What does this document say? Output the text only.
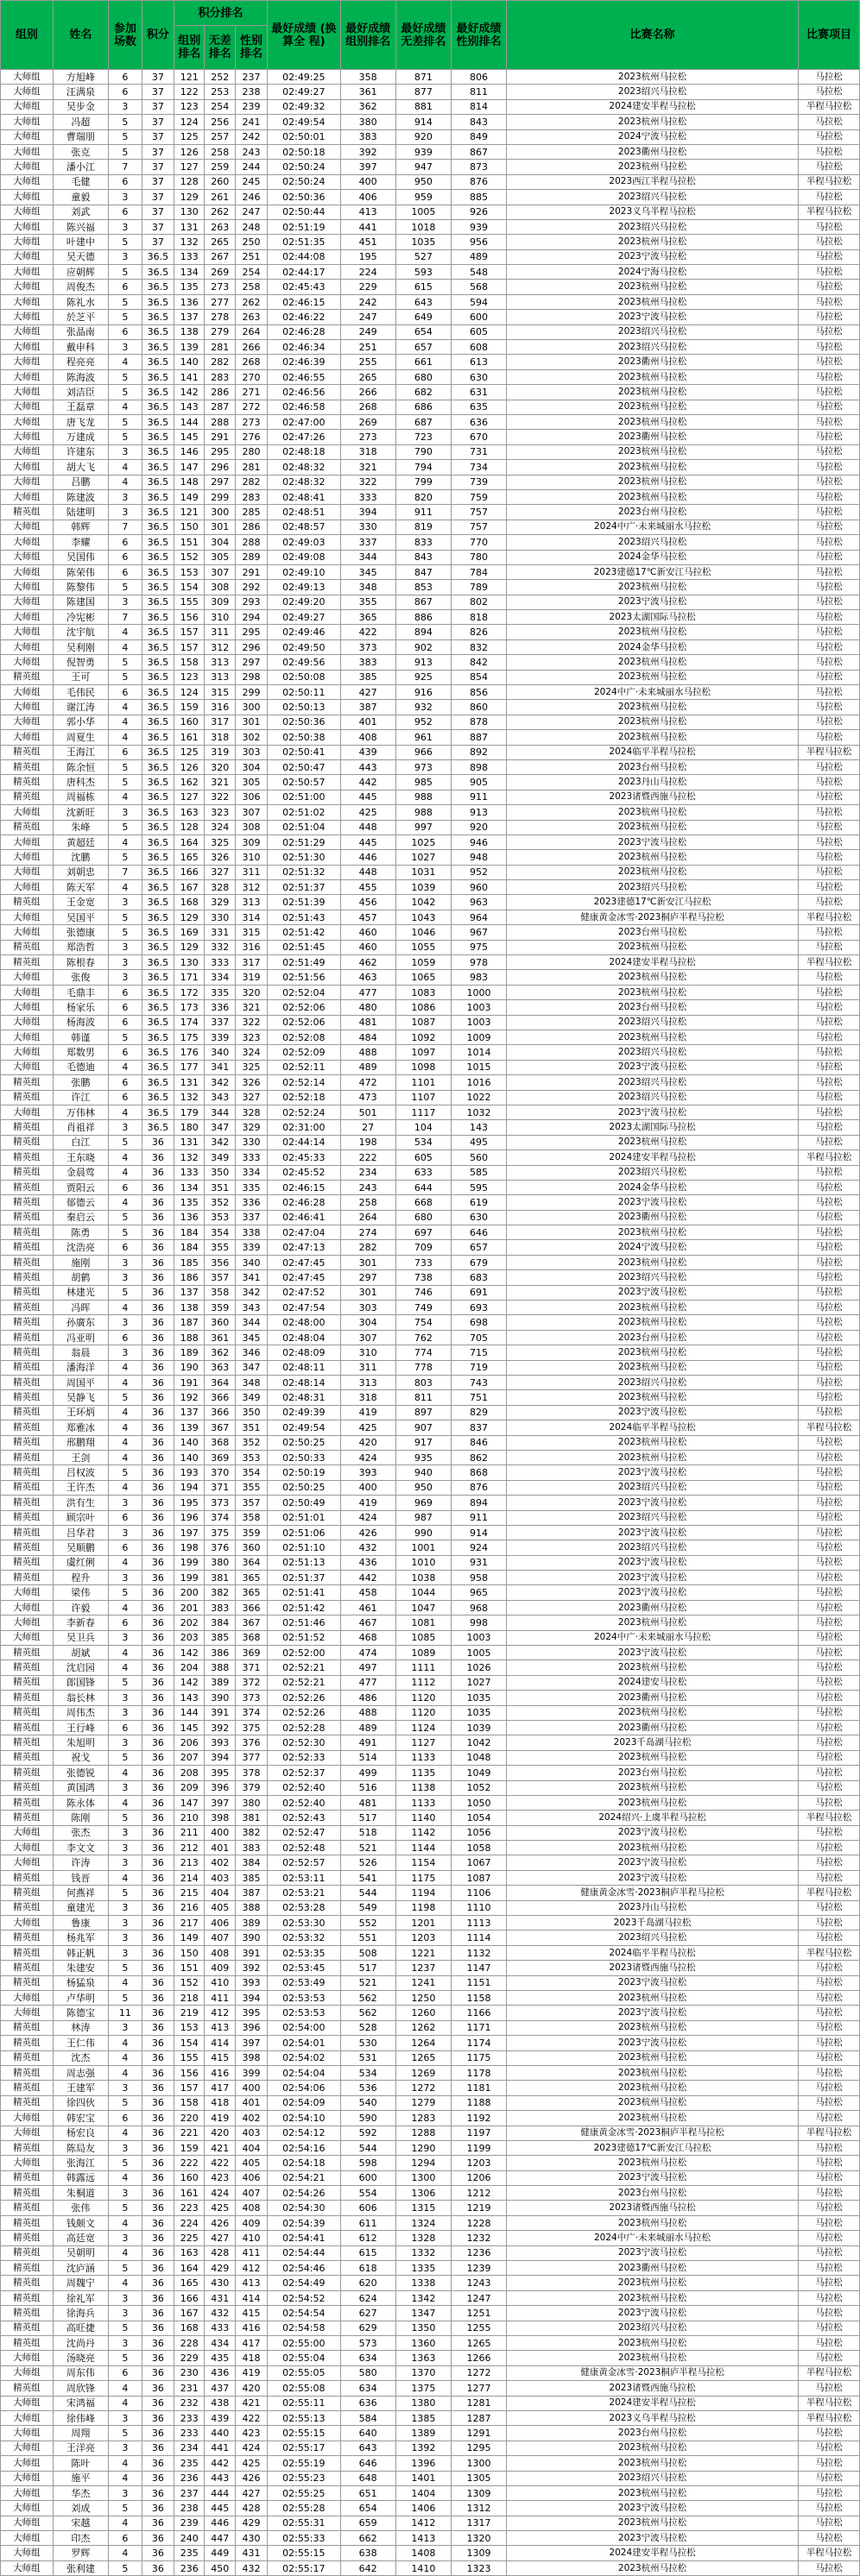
组别	姓名	参加 场数	积分	积分排名			最好成绩 (换算全 程)	最好成绩 组别排名	最好成绩 无差排名	最好成绩 性别排名	比赛名称	比赛项目
				组别 排名	无差 排名	性别 排名						
大师组	方旭峰	6	37	121	252	237	02:49:25	358	871	806	2023杭州马拉松	马拉松
大师组	汪满泉	6	37	122	253	238	02:49:27	361	877	811	2023绍兴马拉松	马拉松
大师组	吴步金	3	37	123	254	239	02:49:32	362	881	814	2024建安半程马拉松	半程马拉松
大师组	冯超	5	37	124	256	241	02:49:54	380	914	843	2023杭州马拉松	马拉松
大师组	曹瑞朋	5	37	125	257	242	02:50:01	383	920	849	2024宁波马拉松	马拉松
大师组	张克	5	37	126	258	243	02:50:18	392	939	867	2023衢州马拉松	马拉松
大师组	潘小江	7	37	127	259	244	02:50:24	397	947	873	2023杭州马拉松	马拉松
大师组	毛健	6	37	128	260	245	02:50:24	400	950	876	2023西江半程马拉松	半程马拉松
大师组	童毅	3	37	129	261	246	02:50:36	406	959	885	2023绍兴马拉松	马拉松
大师组	刘武	6	37	130	262	247	02:50:44	413	1005	926	2023义乌半程马拉松	半程马拉松
大师组	陈兴福	3	37	131	263	248	02:51:19	441	1018	939	2023绍兴马拉松	马拉松
大师组	叶建中	5	37	132	265	250	02:51:35	451	1035	956	2023杭州马拉松	马拉松
大师组	吴天德	3	36.5	133	267	251	02:44:08	195	527	489	2023宁波马拉松	马拉松
大师组	应朝辉	5	36.5	134	269	254	02:44:17	224	593	548	2024宁海马拉松	马拉松
大师组	周俊杰	6	36.5	135	273	258	02:45:43	229	615	568	2023杭州马拉松	马拉松
大师组	陈礼水	5	36.5	136	277	262	02:46:15	242	643	594	2023杭州马拉松	马拉松
大师组	於芝平	5	36.5	137	278	263	02:46:22	247	649	600	2023宁波马拉松	马拉松
大师组	张晶南	6	36.5	138	279	264	02:46:28	249	654	605	2023绍兴马拉松	马拉松
大师组	戴申科	3	36.5	139	281	266	02:46:34	251	657	608	2023绍兴马拉松	马拉松
大师组	程亮亮	4	36.5	140	282	268	02:46:39	255	661	613	2023衢州马拉松	马拉松
大师组	陈海波	5	36.5	141	283	270	02:46:55	265	680	630	2023杭州马拉松	马拉松
大师组	刘洁臣	5	36.5	142	286	271	02:46:56	266	682	631	2023杭州马拉松	马拉松
大师组	王磊章	4	36.5	143	287	272	02:46:58	268	686	635	2023杭州马拉松	马拉松
大师组	唐飞龙	5	36.5	144	288	273	02:47:00	269	687	636	2023杭州马拉松	马拉松
大师组	万建成	5	36.5	145	291	276	02:47:26	273	723	670	2023衢州马拉松	马拉松
大师组	许建东	3	36.5	146	295	280	02:48:18	318	790	731	2023杭州马拉松	马拉松
大师组	胡大飞	4	36.5	147	296	281	02:48:32	321	794	734	2023杭州马拉松	马拉松
大师组	吕鹏	4	36.5	148	297	282	02:48:32	322	799	739	2023杭州马拉松	马拉松
大师组	陈建波	3	36.5	149	299	283	02:48:41	333	820	759	2023杭州马拉松	马拉松
精英组	陆建明	3	36.5	121	300	285	02:48:51	394	911	757	2023台州马拉松	马拉松
大师组	韩辉	7	36.5	150	301	286	02:48:57	330	819	757	2024中广·未来城丽水马拉松	马拉松
大师组	李耀	6	36.5	151	304	288	02:49:03	337	833	770	2023绍兴马拉松	马拉松
大师组	吴国伟	6	36.5	152	305	289	02:49:08	344	843	780	2024金华马拉松	马拉松
大师组	陈荣伟	6	36.5	153	307	291	02:49:10	345	847	784	2023建德17℃新安江马拉松	马拉松
大师组	陈黎伟	5	36.5	154	308	292	02:49:13	348	853	789	2023杭州马拉松	马拉松
大师组	陈建国	3	36.5	155	309	293	02:49:20	355	867	802	2023宁波马拉松	马拉松
大师组	冷宪彬	7	36.5	156	310	294	02:49:27	365	886	818	2023太湖国际马拉松	马拉松
大师组	沈宇航	4	36.5	157	311	295	02:49:46	422	894	826	2023杭州马拉松	马拉松
大师组	吴利刚	4	36.5	157	312	296	02:49:50	373	902	832	2024金华马拉松	马拉松
大师组	倪智勇	5	36.5	158	313	297	02:49:56	383	913	842	2023杭州马拉松	马拉松
精英组	王可	5	36.5	123	313	298	02:50:08	385	925	854	2023杭州马拉松	马拉松
大师组	毛伟民	6	36.5	124	315	299	02:50:11	427	916	856	2024中广·未来城丽水马拉松	马拉松
大师组	谢江涛	4	36.5	159	316	300	02:50:13	387	932	860	2023杭州马拉松	马拉松
大师组	郭小华	4	36.5	160	317	301	02:50:36	401	952	878	2023杭州马拉松	马拉松
大师组	周夏生	4	36.5	161	318	302	02:50:38	408	961	887	2023杭州马拉松	马拉松
精英组	王海江	6	36.5	125	319	303	02:50:41	439	966	892	2024临平半程马拉松	半程马拉松
精英组	陈余恒	5	36.5	126	320	304	02:50:47	443	973	898	2023台州马拉松	马拉松
精英组	唐科杰	5	36.5	162	321	305	02:50:57	442	985	905	2023丹山马拉松	马拉松
精英组	周福栋	4	36.5	127	322	306	02:51:00	445	988	911	2023诸暨西施马拉松	马拉松
大师组	沈新旺	3	36.5	163	323	307	02:51:02	425	988	913	2023杭州马拉松	马拉松
精英组	朱峰	5	36.5	128	324	308	02:51:04	448	997	920	2023杭州马拉松	马拉松
大师组	黄超廷	4	36.5	164	325	309	02:51:29	445	1025	946	2023宁波马拉松	马拉松
大师组	沈鹏	5	36.5	165	326	310	02:51:30	446	1027	948	2023杭州马拉松	马拉松
大师组	刘朝忠	7	36.5	166	327	311	02:51:32	448	1031	952	2023杭州马拉松	马拉松
大师组	陈天军	4	36.5	167	328	312	02:51:37	455	1039	960	2023绍兴马拉松	马拉松
精英组	王金宽	3	36.5	168	329	313	02:51:39	456	1042	963	2023建德17℃新安江马拉松	马拉松
大师组	吴国平	5	36.5	129	330	314	02:51:43	457	1043	964	健康黄金冰雪·2023桐庐半程马拉松	半程马拉松
大师组	张德康	5	36.5	169	331	315	02:51:42	460	1046	967	2023台州马拉松	马拉松
精英组	郑浩哲	3	36.5	129	332	316	02:51:45	460	1055	975	2023杭州马拉松	马拉松
精英组	陈根春	3	36.5	130	333	317	02:51:49	462	1059	978	2024建安半程马拉松	半程马拉松
大师组	张俊	3	36.5	171	334	319	02:51:56	463	1065	983	2023杭州马拉松	马拉松
大师组	毛鼎丰	6	36.5	172	335	320	02:52:04	477	1083	1000	2023杭州马拉松	马拉松
大师组	杨家乐	6	36.5	173	336	321	02:52:06	480	1086	1003	2023台州马拉松	马拉松
大师组	杨海波	6	36.5	174	337	322	02:52:06	481	1087	1003	2023绍兴马拉松	马拉松
大师组	韩谨	5	36.5	175	339	323	02:52:08	484	1092	1009	2023杭州马拉松	马拉松
大师组	郑数男	6	36.5	176	340	324	02:52:09	488	1097	1014	2023绍兴马拉松	马拉松
大师组	毛德迪	4	36.5	177	341	325	02:52:11	489	1098	1015	2023宁波马拉松	马拉松
精英组	张鹏	6	36.5	131	342	326	02:52:14	472	1101	1016	2023绍兴马拉松	马拉松
精英组	许江	6	36.5	132	343	327	02:52:18	473	1107	1022	2023绍兴马拉松	马拉松
大师组	万伟林	4	36.5	179	344	328	02:52:24	501	1117	1032	2023宁波马拉松	马拉松
精英组	肖祖祥	3	36.5	180	347	329	02:31:00	27	104	143	2023太湖国际马拉松	马拉松
精英组	白江	5	36	131	342	330	02:44:14	198	534	495	2023杭州马拉松	马拉松
精英组	王东晓	4	36	132	349	333	02:45:33	222	605	560	2024建安半程马拉松	半程马拉松
精英组	金晨莺	4	36	133	350	334	02:45:52	234	633	585	2023绍兴马拉松	马拉松
精英组	贾阳云	6	36	134	351	335	02:46:15	243	644	595	2024金华马拉松	马拉松
精英组	郁德云	4	36	135	352	336	02:46:28	258	668	619	2023宁波马拉松	马拉松
精英组	秦启云	5	36	136	353	337	02:46:41	264	680	630	2023衢州马拉松	马拉松
精英组	陈勇	5	36	184	354	338	02:47:04	274	697	646	2023杭州马拉松	马拉松
精英组	沈浩亮	6	36	184	355	339	02:47:13	282	709	657	2024宁波马拉松	马拉松
精英组	施刚	3	36	185	356	340	02:47:45	301	733	679	2023杭州马拉松	马拉松
精英组	胡鹤	3	36	186	357	341	02:47:45	297	738	683	2023绍兴马拉松	马拉松
精英组	林建光	5	36	137	358	342	02:47:52	301	746	691	2023宁波马拉松	马拉松
精英组	冯晖	4	36	138	359	343	02:47:54	303	749	693	2023杭州马拉松	马拉松
精英组	孙廣东	3	36	187	360	344	02:48:00	304	754	698	2023杭州马拉松	马拉松
精英组	冯亚明	6	36	188	361	345	02:48:04	307	762	705	2023台州马拉松	马拉松
精英组	翁晨	3	36	189	362	346	02:48:09	310	774	715	2023杭州马拉松	马拉松
精英组	潘海洋	4	36	190	363	347	02:48:11	311	778	719	2023杭州马拉松	马拉松
精英组	周国平	4	36	191	364	348	02:48:14	313	803	743	2023绍兴马拉松	马拉松
精英组	吴静飞	5	36	192	366	349	02:48:31	318	811	751	2023杭州马拉松	马拉松
精英组	王环炳	4	36	137	366	350	02:49:39	419	897	829	2023宁波马拉松	马拉松
精英组	郑雅冰	4	36	139	367	351	02:49:54	425	907	837	2024临平半程马拉松	半程马拉松
精英组	邢鹏翔	4	36	140	368	352	02:50:25	420	917	846	2023杭州马拉松	马拉松
精英组	王剑	4	36	140	369	353	02:50:33	424	935	862	2023杭州马拉松	马拉松
精英组	吕权波	5	36	193	370	354	02:50:19	393	940	868	2023宁波马拉松	马拉松
精英组	王许杰	4	36	194	371	355	02:50:25	400	950	876	2023绍兴马拉松	马拉松
精英组	洪有生	3	36	195	373	357	02:50:49	419	969	894	2023宁波马拉松	马拉松
精英组	顾宗叶	6	36	196	374	358	02:51:01	424	987	911	2023绍兴马拉松	马拉松
精英组	吕华君	3	36	197	375	359	02:51:06	426	990	914	2023宁波马拉松	马拉松
精英组	吴顺鹏	6	36	198	376	360	02:51:10	432	1001	924	2023绍兴马拉松	马拉松
精英组	虞红俐	4	36	199	380	364	02:51:13	436	1010	931	2023宁波马拉松	马拉松
精英组	程升	3	36	199	381	365	02:51:37	442	1038	958	2023宁波马拉松	马拉松
大师组	梁伟	5	36	200	382	365	02:51:41	458	1044	965	2023宁波马拉松	马拉松
大师组	许毅	4	36	201	383	366	02:51:42	461	1047	968	2023衢州马拉松	马拉松
大师组	李新春	6	36	202	384	367	02:51:46	467	1081	998	2023杭州马拉松	马拉松
大师组	吴卫兵	3	36	203	385	368	02:51:52	468	1085	1003	2024中广·未来城丽水马拉松	马拉松
精英组	胡斌	4	36	142	386	369	02:52:00	474	1089	1005	2023宁波马拉松	马拉松
精英组	沈启园	4	36	204	388	371	02:52:21	497	1111	1026	2023杭州马拉松	马拉松
精英组	郎国锋	5	36	142	389	372	02:52:21	477	1112	1027	2024建安马拉松	马拉松
精英组	翁长林	3	36	143	390	373	02:52:26	486	1120	1035	2023衢州马拉松	马拉松
精英组	周伟杰	3	36	144	391	374	02:52:26	488	1120	1035	2023杭州马拉松	马拉松
精英组	王行峰	6	36	145	392	375	02:52:28	489	1124	1039	2023衢州马拉松	马拉松
精英组	朱旭明	3	36	206	393	376	02:52:30	491	1127	1042	2023千岛湖马拉松	马拉松
精英组	祝戈	5	36	207	394	377	02:52:33	514	1133	1048	2023杭州马拉松	马拉松
精英组	张德锐	4	36	208	395	378	02:52:37	499	1135	1049	2023台州马拉松	马拉松
精英组	黄国鸿	3	36	209	396	379	02:52:40	516	1138	1052	2023杭州马拉松	马拉松
精英组	陈永体	4	36	147	397	380	02:52:40	481	1133	1050	2023杭州马拉松	马拉松
精英组	陈刚	5	36	210	398	381	02:52:43	517	1140	1054	2024绍兴·上虞半程马拉松	半程马拉松
大师组	张杰	3	36	211	400	382	02:52:47	518	1142	1056	2023宁波马拉松	马拉松
大师组	李文文	3	36	212	401	383	02:52:48	521	1144	1058	2023杭州马拉松	马拉松
大师组	许涛	3	36	213	402	384	02:52:57	526	1154	1067	2023宁波马拉松	马拉松
精英组	钱晋	4	36	214	403	385	02:53:11	541	1175	1087	2023宁波马拉松	马拉松
精英组	何燕祥	5	36	215	404	387	02:53:21	544	1194	1106	健康黄金冰雪·2023桐庐半程马拉松	半程马拉松
精英组	童建光	3	36	216	405	388	02:53:28	549	1198	1110	2023丹山马拉松	马拉松
大师组	鲁康	3	36	217	406	389	02:53:30	552	1201	1113	2023千岛湖马拉松	马拉松
精英组	杨兆军	3	36	149	407	390	02:53:32	551	1203	1114	2023绍兴马拉松	马拉松
精英组	韩正帆	3	36	150	408	391	02:53:35	508	1221	1132	2024临平半程马拉松	半程马拉松
精英组	朱建安	5	36	151	409	392	02:53:45	517	1237	1147	2023诸暨西施马拉松	马拉松
精英组	杨猛泉	4	36	152	410	393	02:53:49	521	1241	1151	2023宁波马拉松	马拉松
大师组	卢华明	5	36	218	411	394	02:53:53	562	1250	1158	2023杭州马拉松	马拉松
大师组	陈德宝	11	36	219	412	395	02:53:53	562	1260	1166	2023宁波马拉松	马拉松
精英组	林涛	3	36	153	413	396	02:54:00	528	1262	1171	2023杭州马拉松	马拉松
精英组	王仁伟	4	36	154	414	397	02:54:01	530	1264	1174	2023宁波马拉松	马拉松
精英组	沈杰	4	36	155	415	398	02:54:02	531	1265	1175	2023杭州马拉松	马拉松
精英组	周志强	4	36	156	416	399	02:54:04	534	1269	1178	2023杭州马拉松	马拉松
精英组	王建军	3	36	157	417	400	02:54:06	536	1272	1181	2023杭州马拉松	马拉松
精英组	徐四伙	5	36	158	418	401	02:54:09	540	1279	1188	2023杭州马拉松	马拉松
大师组	韩宏宝	6	36	220	419	402	02:54:10	590	1283	1192	2023杭州马拉松	马拉松
大师组	杨宏良	4	36	221	420	403	02:54:12	592	1288	1197	健康黄金冰雪·2023桐庐半程马拉松	半程马拉松
精英组	陈局友	3	36	159	421	404	02:54:16	544	1290	1199	2023建德17℃新安江马拉松	马拉松
大师组	张海江	5	36	222	422	405	02:54:18	598	1294	1203	2023杭州马拉松	马拉松
精英组	韩露远	4	36	160	423	406	02:54:21	600	1300	1206	2023宁波马拉松	马拉松
精英组	朱桐道	3	36	161	424	407	02:54:26	554	1306	1212	2023台州马拉松	马拉松
精英组	张伟	5	36	223	425	408	02:54:30	606	1315	1219	2023诸暨西施马拉松	马拉松
精英组	钱颇文	4	36	224	426	409	02:54:39	611	1324	1228	2023杭州马拉松	马拉松
精英组	高廷宽	3	36	225	427	410	02:54:41	612	1328	1232	2024中广·未来城丽水马拉松	马拉松
精英组	吴朝明	4	36	163	428	411	02:54:44	615	1332	1236	2023宁波马拉松	马拉松
精英组	沈庐涵	5	36	164	429	412	02:54:46	618	1335	1239	2023衢州马拉松	马拉松
精英组	周魏宁	4	36	165	430	413	02:54:49	620	1338	1243	2023杭州马拉松	马拉松
精英组	徐礼军	3	36	166	431	414	02:54:52	624	1342	1247	2023杭州马拉松	马拉松
精英组	徐海兵	3	36	167	432	415	02:54:54	627	1347	1251	2023宁波马拉松	马拉松
精英组	高旺捷	5	36	168	433	416	02:54:58	629	1350	1255	2023绍兴马拉松	马拉松
精英组	沈尚丹	3	36	228	434	417	02:55:00	573	1360	1265	2023杭州马拉松	马拉松
大师组	汤晓亮	5	36	229	435	418	02:55:04	634	1363	1266	2023杭州马拉松	马拉松
大师组	周东伟	6	36	230	436	419	02:55:05	580	1370	1272	健康黄金冰雪·2023桐庐半程马拉松	半程马拉松
精英组	周欣锋	4	36	231	437	420	02:55:08	634	1375	1277	2023诸暨西施马拉松	马拉松
大师组	宋鸿福	4	36	232	438	421	02:55:11	636	1380	1281	2024建安半程马拉松	半程马拉松
大师组	徐伟峰	3	36	233	439	422	02:55:13	584	1385	1287	2023义乌半程马拉松	半程马拉松
大师组	周翔	5	36	233	440	423	02:55:15	640	1389	1291	2023台州马拉松	马拉松
大师组	王洋亮	3	36	234	441	424	02:55:17	643	1392	1295	2023杭州马拉松	马拉松
大师组	陈叶	4	36	235	442	425	02:55:19	646	1396	1300	2023杭州马拉松	马拉松
大师组	施平	4	36	236	443	426	02:55:23	648	1401	1305	2023绍兴马拉松	马拉松
大师组	华杰	3	36	237	444	427	02:55:25	651	1404	1309	2023杭州马拉松	马拉松
大师组	刘成	5	36	238	445	428	02:55:28	654	1406	1312	2023宁波马拉松	马拉松
大师组	宋越	4	36	239	446	429	02:55:31	659	1412	1317	2023杭州马拉松	马拉松
大师组	印杰	6	36	240	447	430	02:55:33	662	1413	1320	2023宁波马拉松	马拉松
大师组	罗辉	4	36	235	449	431	02:55:15	638	1408	1309	2024建安半程马拉松	半程马拉松
大师组	张利建	5	36	236	450	432	02:55:17	642	1410	1323	2023杭州马拉松	马拉松
